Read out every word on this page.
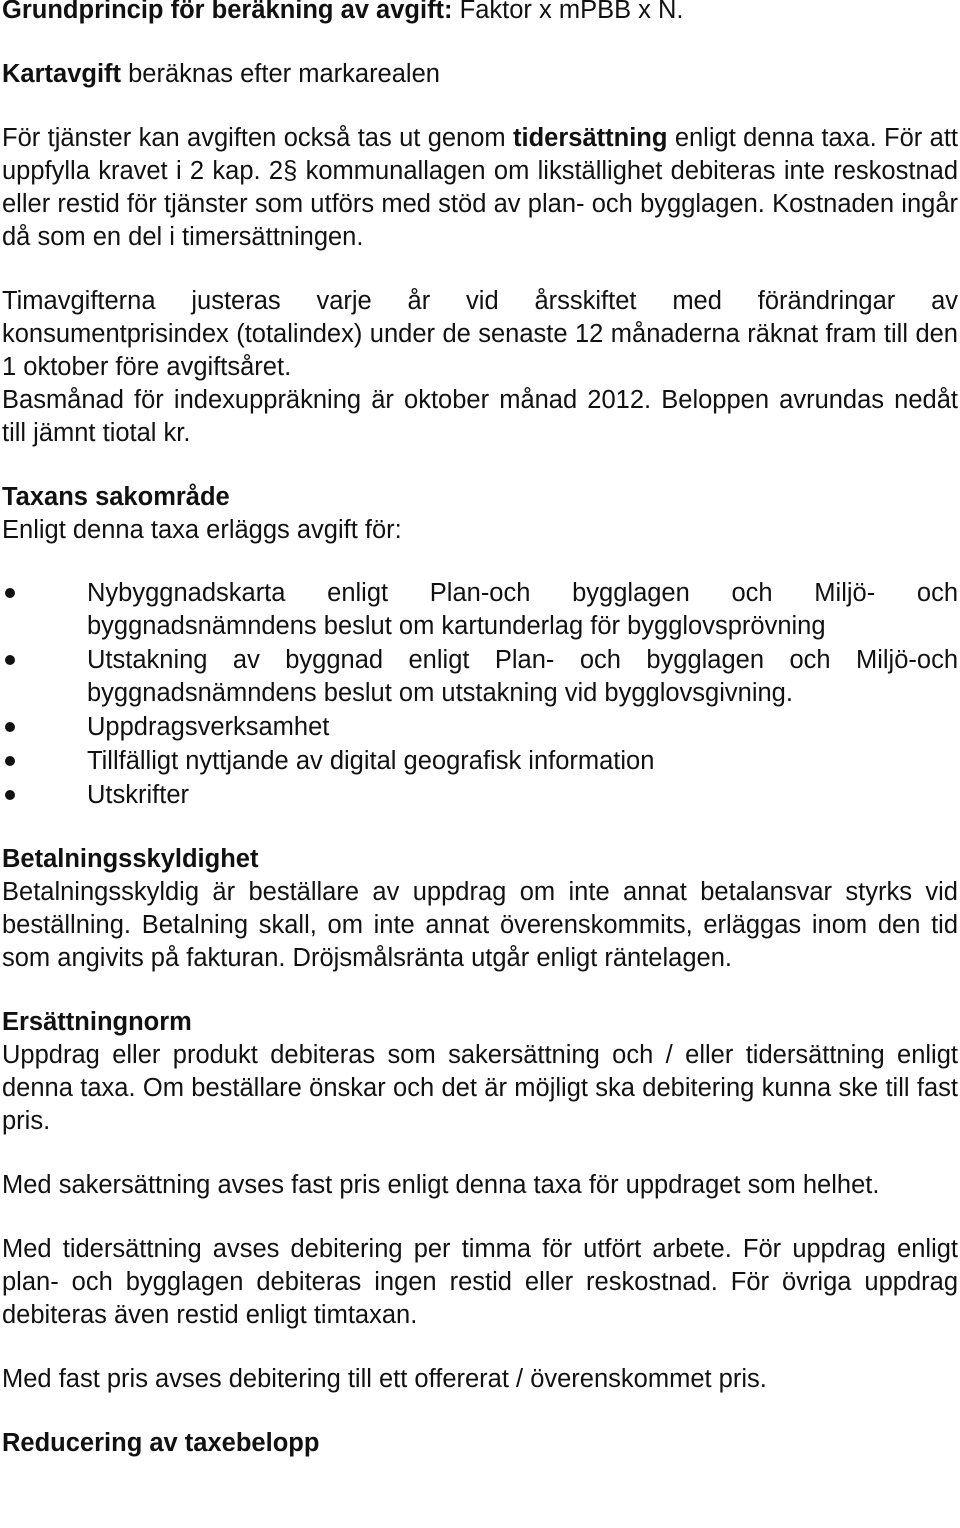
Grundprincip för beräkning av avgift: Faktor x mPBB x N.

Kartavgift beräknas efter markarealen

För tjänster kan avgiften också tas ut genom tidersättning enligt denna taxa. För att uppfylla kravet i 2 kap. 2§ kommunallagen om likställighet debiteras inte reskostnad eller restid för tjänster som utförs med stöd av plan- och bygglagen. Kostnaden ingår då som en del i timersättningen.

Timavgifterna justeras varje år vid årsskiftet med förändringar av konsumentprisindex (totalindex) under de senaste 12 månaderna räknat fram till den 1 oktober före avgiftsåret.

Basmånad för indexuppräkning är oktober månad 2012. Beloppen avrundas nedåt till jämnt tiotal kr.

Taxans sakområde

Enligt denna taxa erläggs avgift för:

Nybyggnadskarta enligt Plan-och bygglagen och Miljö- och byggnadsnämndens beslut om kartunderlag för bygglovsprövning
Utstakning av byggnad enligt Plan- och bygglagen och Miljö-och byggnadsnämndens beslut om utstakning vid bygglovsgivning.
Uppdragsverksamhet
Tillfälligt nyttjande av digital geografisk information
Utskrifter
Betalningsskyldighet

Betalningsskyldig är beställare av uppdrag om inte annat betalansvar styrks vid beställning. Betalning skall, om inte annat överenskommits, erläggas inom den tid som angivits på fakturan. Dröjsmålsränta utgår enligt räntelagen.

Ersättningnorm

Uppdrag eller produkt debiteras som sakersättning och / eller tidersättning enligt denna taxa. Om beställare önskar och det är möjligt ska debitering kunna ske till fast pris.

Med sakersättning avses fast pris enligt denna taxa för uppdraget som helhet.

Med tidersättning avses debitering per timma för utfört arbete. För uppdrag enligt plan- och bygglagen debiteras ingen restid eller reskostnad. För övriga uppdrag debiteras även restid enligt timtaxan.

Med fast pris avses debitering till ett offererat / överenskommet pris.

Reducering av taxebelopp
